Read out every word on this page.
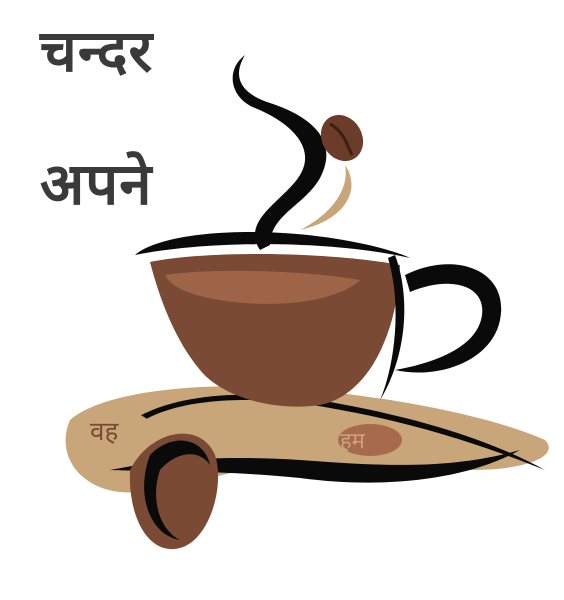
वह	हम
चन्दर
अपने
